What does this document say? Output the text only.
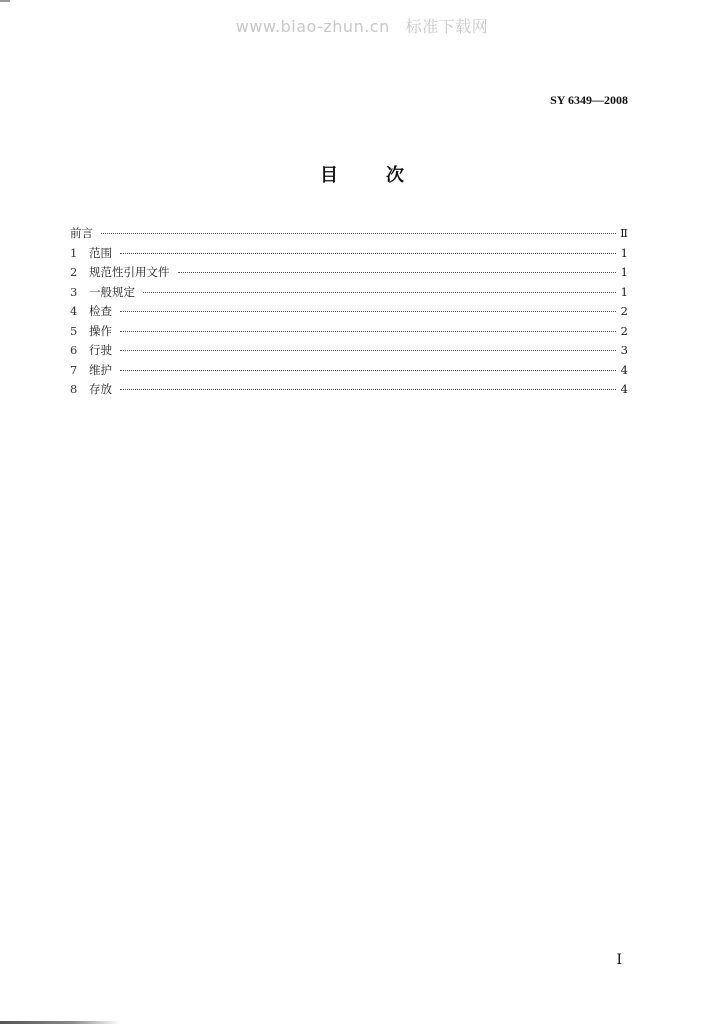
www.biao-zhun.cn 标准下载网
SY 6349—2008
目	次
前言	Ⅱ
1	范围	1
2	规范性引用文件	1
3	一般规定	1
4	检查	2
5	操作	2
6	行驶	3
7	维护	4
8	存放	4
Ⅰ
